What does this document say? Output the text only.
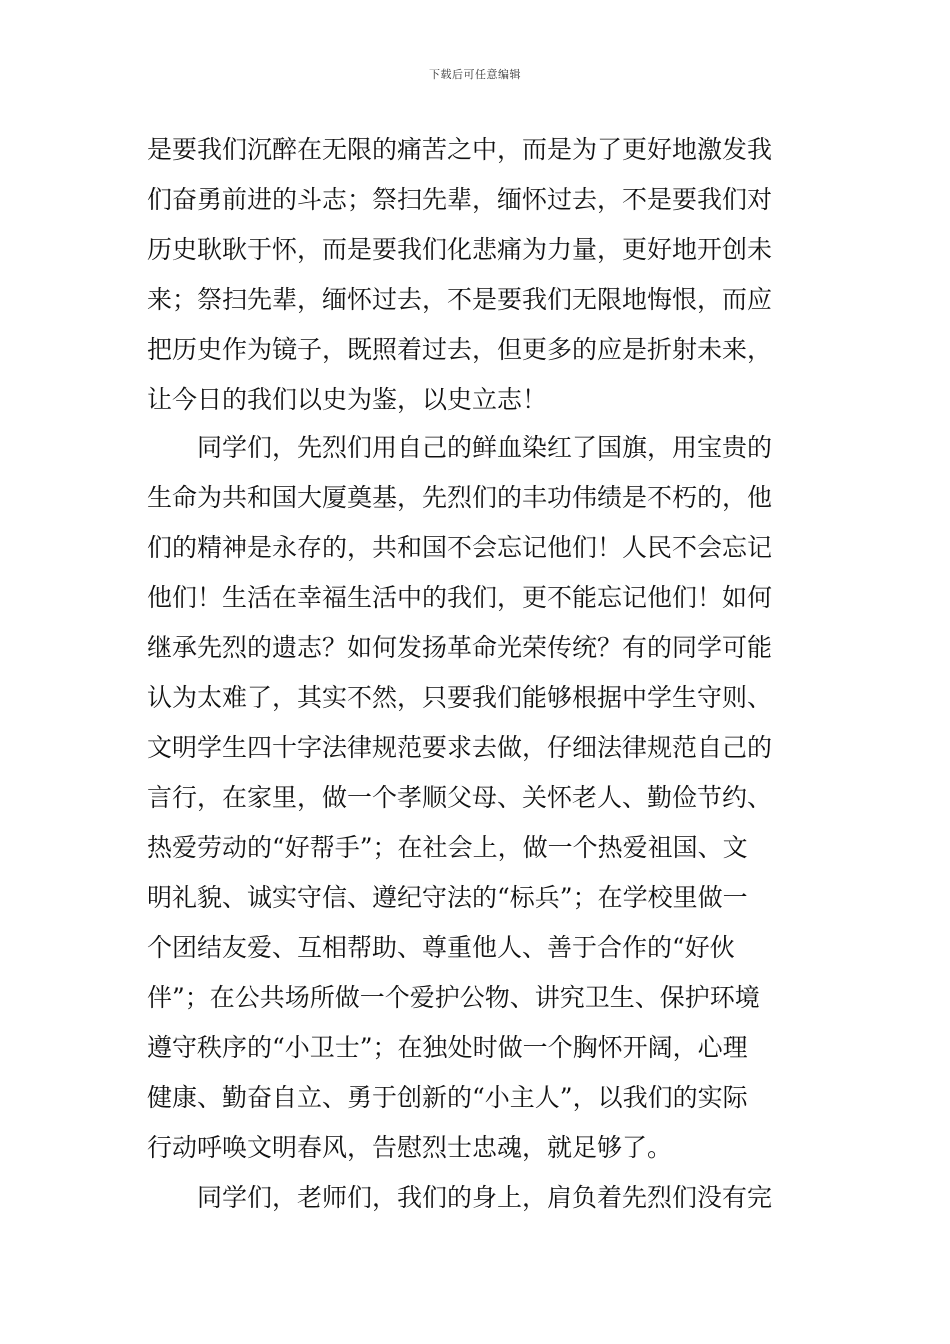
下载后可任意编辑
是要我们沉醉在无限的痛苦之中，而是为了更好地激发我
们奋勇前进的斗志；祭扫先辈，缅怀过去，不是要我们对
历史耿耿于怀，而是要我们化悲痛为力量，更好地开创未
来；祭扫先辈，缅怀过去，不是要我们无限地悔恨，而应
把历史作为镜子，既照着过去，但更多的应是折射未来，
让今日的我们以史为鉴，以史立志！
同学们，先烈们用自己的鲜血染红了国旗，用宝贵的
生命为共和国大厦奠基，先烈们的丰功伟绩是不朽的，他
们的精神是永存的，共和国不会忘记他们！人民不会忘记
他们！生活在幸福生活中的我们，更不能忘记他们！如何
继承先烈的遗志？如何发扬革命光荣传统？有的同学可能
认为太难了，其实不然，只要我们能够根据中学生守则、
文明学生四十字法律规范要求去做，仔细法律规范自己的
言行，在家里，做一个孝顺父母、关怀老人、勤俭节约、
热爱劳动的“好帮手”；在社会上，做一个热爱祖国、文
明礼貌、诚实守信、遵纪守法的“标兵”；在学校里做一
个团结友爱、互相帮助、尊重他人、善于合作的“好伙
伴”；在公共场所做一个爱护公物、讲究卫生、保护环境
遵守秩序的“小卫士”；在独处时做一个胸怀开阔，心理
健康、勤奋自立、勇于创新的“小主人”，以我们的实际
行动呼唤文明春风，告慰烈士忠魂，就足够了。
同学们，老师们，我们的身上，肩负着先烈们没有完
